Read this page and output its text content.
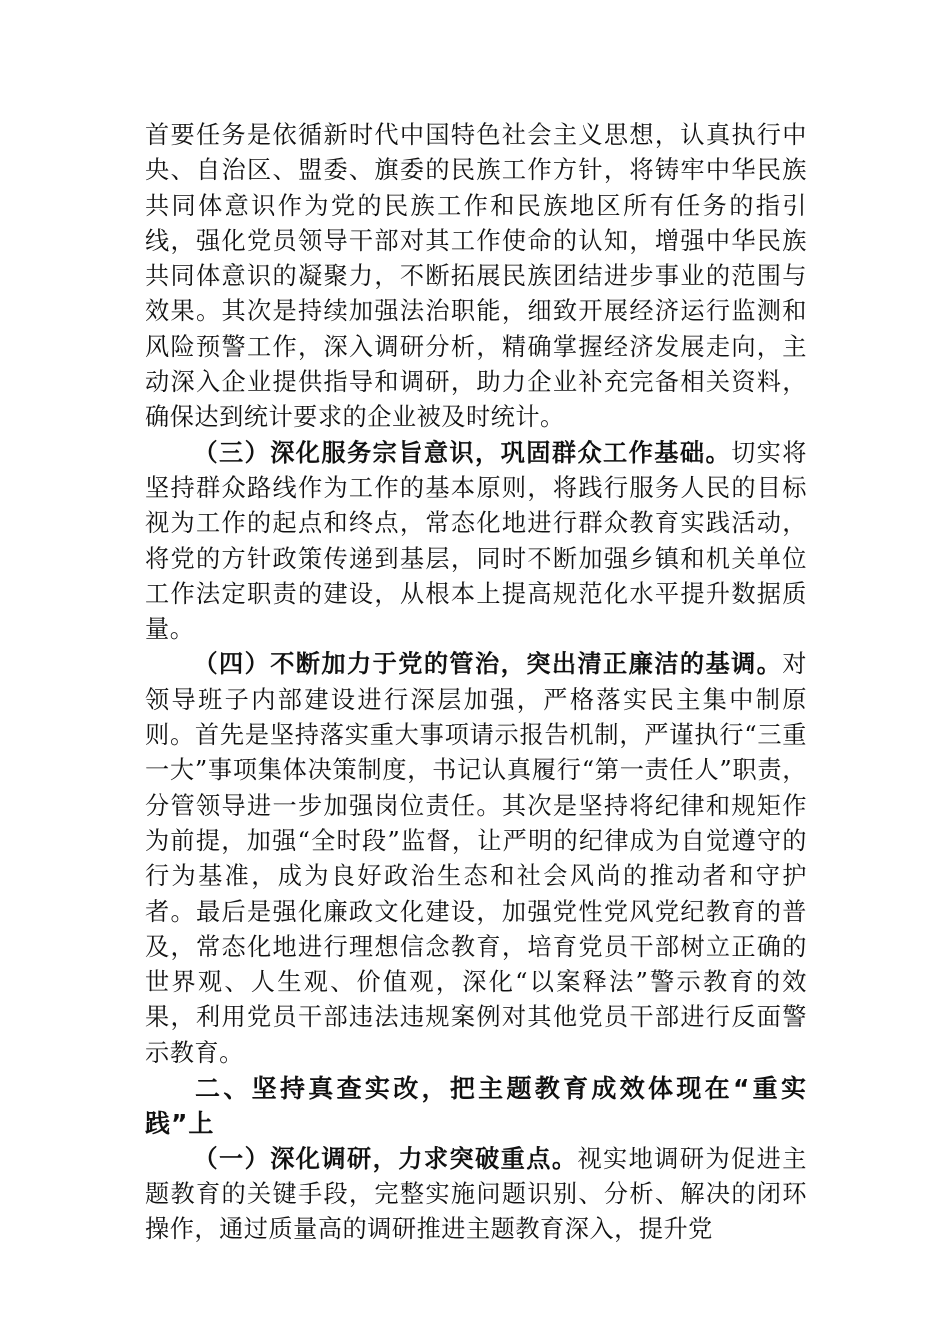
首要任务是依循新时代中国特色社会主义思想，认真执行中央、自治区、盟委、旗委的民族工作方针，将铸牢中华民族共同体意识作为党的民族工作和民族地区所有任务的指引线，强化党员领导干部对其工作使命的认知，增强中华民族共同体意识的凝聚力，不断拓展民族团结进步事业的范围与效果。其次是持续加强法治职能，细致开展经济运行监测和风险预警工作，深入调研分析，精确掌握经济发展走向，主动深入企业提供指导和调研，助力企业补充完备相关资料，确保达到统计要求的企业被及时统计。

（三）深化服务宗旨意识，巩固群众工作基础。切实将坚持群众路线作为工作的基本原则，将践行服务人民的目标视为工作的起点和终点，常态化地进行群众教育实践活动，将党的方针政策传递到基层，同时不断加强乡镇和机关单位工作法定职责的建设，从根本上提高规范化水平提升数据质量。

（四）不断加力于党的管治，突出清正廉洁的基调。对领导班子内部建设进行深层加强，严格落实民主集中制原则。首先是坚持落实重大事项请示报告机制，严谨执行“三重一大”事项集体决策制度，书记认真履行“第一责任人”职责，分管领导进一步加强岗位责任。其次是坚持将纪律和规矩作为前提，加强“全时段”监督，让严明的纪律成为自觉遵守的行为基准，成为良好政治生态和社会风尚的推动者和守护者。最后是强化廉政文化建设，加强党性党风党纪教育的普及，常态化地进行理想信念教育，培育党员干部树立正确的世界观、人生观、价值观，深化“以案释法”警示教育的效果，利用党员干部违法违规案例对其他党员干部进行反面警示教育。

二、坚持真查实改，把主题教育成效体现在“重实践”上

（一）深化调研，力求突破重点。视实地调研为促进主题教育的关键手段，完整实施问题识别、分析、解决的闭环操作，通过质量高的调研推进主题教育深入，提升党
